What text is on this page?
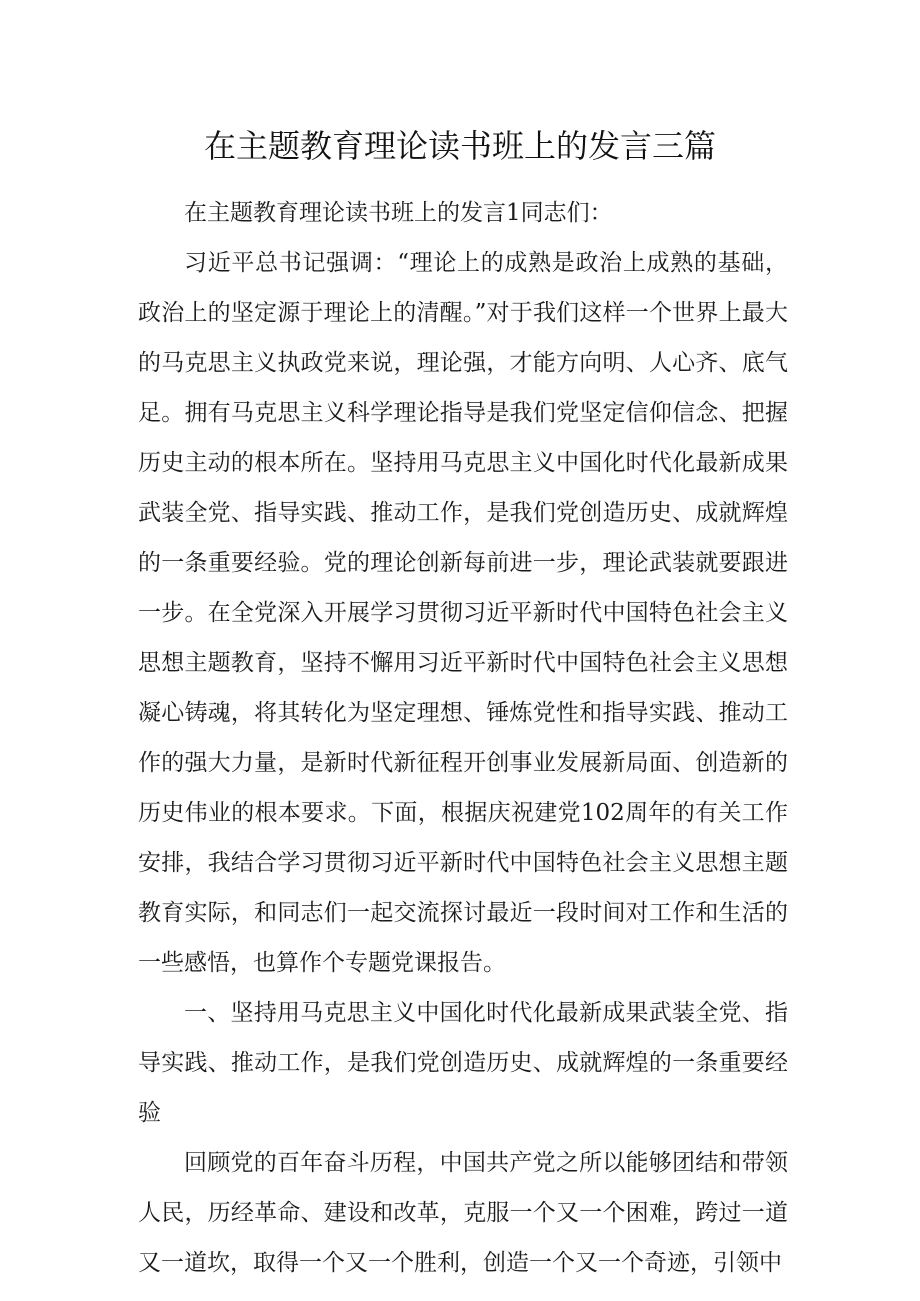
在主题教育理论读书班上的发言三篇

在主题教育理论读书班上的发言1同志们：

习近平总书记强调：“理论上的成熟是政治上成熟的基础，政治上的坚定源于理论上的清醒。”对于我们这样一个世界上最大的马克思主义执政党来说，理论强，才能方向明、人心齐、底气足。拥有马克思主义科学理论指导是我们党坚定信仰信念、把握历史主动的根本所在。坚持用马克思主义中国化时代化最新成果武装全党、指导实践、推动工作，是我们党创造历史、成就辉煌的一条重要经验。党的理论创新每前进一步，理论武装就要跟进一步。在全党深入开展学习贯彻习近平新时代中国特色社会主义思想主题教育，坚持不懈用习近平新时代中国特色社会主义思想凝心铸魂，将其转化为坚定理想、锤炼党性和指导实践、推动工作的强大力量，是新时代新征程开创事业发展新局面、创造新的历史伟业的根本要求。下面，根据庆祝建党102周年的有关工作安排，我结合学习贯彻习近平新时代中国特色社会主义思想主题教育实际，和同志们一起交流探讨最近一段时间对工作和生活的一些感悟，也算作个专题党课报告。

一、坚持用马克思主义中国化时代化最新成果武装全党、指导实践、推动工作，是我们党创造历史、成就辉煌的一条重要经验

回顾党的百年奋斗历程，中国共产党之所以能够团结和带领人民，历经革命、建设和改革，克服一个又一个困难，跨过一道又一道坎，取得一个又一个胜利，创造一个又一个奇迹，引领中
